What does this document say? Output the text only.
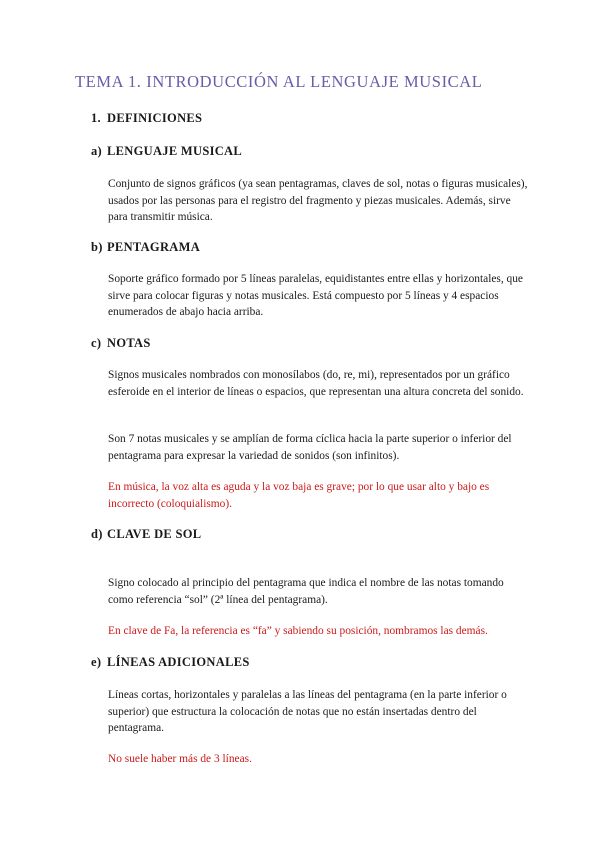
TEMA 1. INTRODUCCIÓN AL LENGUAJE MUSICAL
1. DEFINICIONES
a) LENGUAJE MUSICAL

Conjunto de signos gráficos (ya sean pentagramas, claves de sol, notas o figuras musicales), usados por las personas para el registro del fragmento y piezas musicales. Además, sirve para transmitir música.

b) PENTAGRAMA

Soporte gráfico formado por 5 líneas paralelas, equidistantes entre ellas y horizontales, que sirve para colocar figuras y notas musicales. Está compuesto por 5 líneas y 4 espacios enumerados de abajo hacia arriba.

c) NOTAS

Signos musicales nombrados con monosílabos (do, re, mi), representados por un gráfico esferoide en el interior de líneas o espacios, que representan una altura concreta del sonido.

Son 7 notas musicales y se amplían de forma cíclica hacia la parte superior o inferior del pentagrama para expresar la variedad de sonidos (son infinitos).

En música, la voz alta es aguda y la voz baja es grave; por lo que usar alto y bajo es incorrecto (coloquialismo).

d) CLAVE DE SOL

Signo colocado al principio del pentagrama que indica el nombre de las notas tomando como referencia “sol” (2ª línea del pentagrama).

En clave de Fa, la referencia es “fa” y sabiendo su posición, nombramos las demás.

e) LÍNEAS ADICIONALES

Líneas cortas, horizontales y paralelas a las líneas del pentagrama (en la parte inferior o superior) que estructura la colocación de notas que no están insertadas dentro del pentagrama.

No suele haber más de 3 líneas.
